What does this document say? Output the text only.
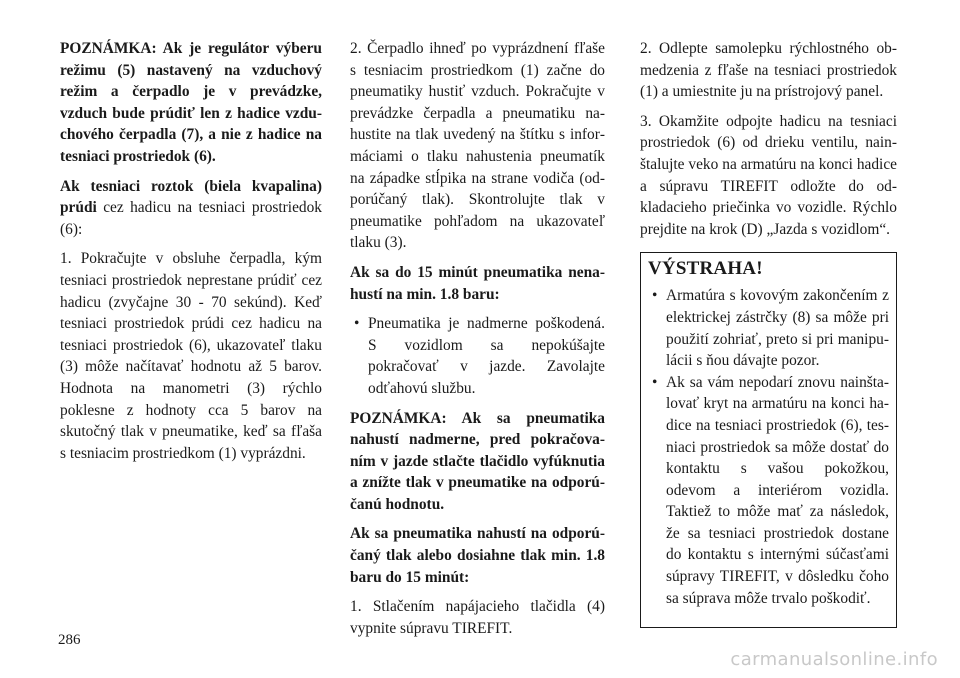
POZNÁMKA: Ak je regulátor výberu režimu (5) nastavený na vzduchový režim a čerpadlo je v prevádzke, vzduch bude prúdiť len z hadice vzduchového čerpadla (7), a nie z hadice na tesniaci prostriedok (6).

Ak tesniaci roztok (biela kvapalina) prúdi cez hadicu na tesniaci prostriedok (6):

1. Pokračujte v obsluhe čerpadla, kým tesniaci prostriedok neprestane prúdiť cez hadicu (zvyčajne 30 - 70 sekúnd). Keď tesniaci prostriedok prúdi cez hadicu na tesniaci prostriedok (6), ukazovateľ tlaku (3) môže načítavať hodnotu až 5 barov. Hodnota na manometri (3) rýchlo poklesne z hodnoty cca 5 barov na skutočný tlak v pneumatike, keď sa fľaša s tesniacim prostriedkom (1) vyprázdni.

2. Čerpadlo ihneď po vyprázdnení fľaše s tesniacim prostriedkom (1) začne do pneumatiky hustiť vzduch. Pokračujte v prevádzke čerpadla a pneumatiku nahustite na tlak uvedený na štítku s informáciami o tlaku nahustenia pneumatík na západke stĺpika na strane vodiča (odporúčaný tlak). Skontrolujte tlak v pneumatike pohľadom na ukazovateľ tlaku (3).

Ak sa do 15 minút pneumatika nenahustí na min. 1.8 baru:

• Pneumatika je nadmerne poškodená. S vozidlom sa nepokúšajte pokračovať v jazde. Zavolajte odťahovú službu.

POZNÁMKA: Ak sa pneumatika nahustí nadmerne, pred pokračovaním v jazde stlačte tlačidlo vyfúknutia a znížte tlak v pneumatike na odporúčanú hodnotu.

Ak sa pneumatika nahustí na odporúčaný tlak alebo dosiahne tlak min. 1.8 baru do 15 minút:

1. Stlačením napájacieho tlačidla (4) vypnite súpravu TIREFIT.

2. Odlepte samolepku rýchlostného obmedzenia z fľaše na tesniaci prostriedok (1) a umiestnite ju na prístrojový panel.

3. Okamžite odpojte hadicu na tesniaci prostriedok (6) od drieku ventilu, nainštalujte veko na armatúru na konci hadice a súpravu TIREFIT odložte do odkladacieho priečinka vo vozidle. Rýchlo prejdite na krok (D) „Jazda s vozidlom“.

VÝSTRAHA!
• Armatúra s kovovým zakončením z elektrickej zástrčky (8) sa môže pri použití zohriať, preto si pri manipulácii s ňou dávajte pozor.
• Ak sa vám nepodarí znovu nainštalovať kryt na armatúru na konci hadice na tesniaci prostriedok (6), tesniaci prostriedok sa môže dostať do kontaktu s vašou pokožkou, odevom a interiérom vozidla. Taktiež to môže mať za následok, že sa tesniaci prostriedok dostane do kontaktu s internými súčasťami súpravy TIREFIT, v dôsledku čoho sa súprava môže trvalo poškodiť.
286
carmanualsonline.info
